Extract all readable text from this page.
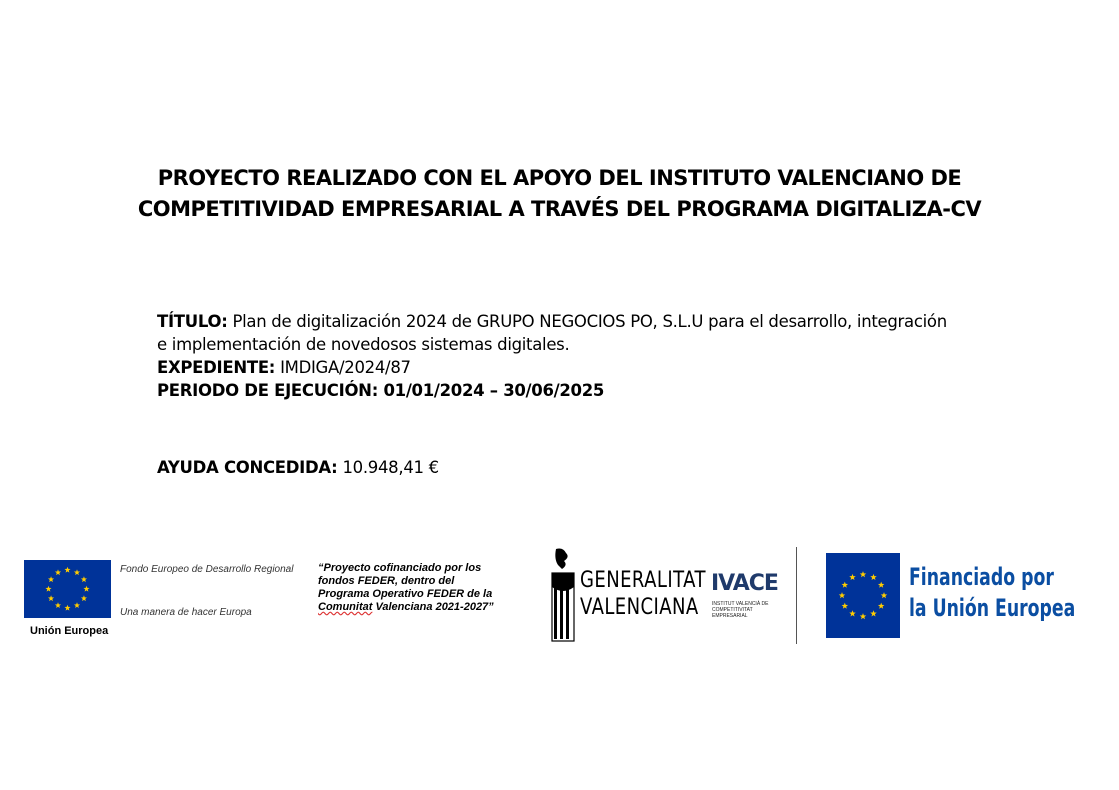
PROYECTO REALIZADO CON EL APOYO DEL INSTITUTO VALENCIANO DE
COMPETITIVIDAD EMPRESARIAL A TRAVÉS DEL PROGRAMA DIGITALIZA-CV
TÍTULO: Plan de digitalización 2024 de GRUPO NEGOCIOS PO, S.L.U para el desarrollo, integración
e implementación de novedosos sistemas digitales.
EXPEDIENTE: IMDIGA/2024/87
PERIODO DE EJECUCIÓN: 01/01/2024 – 30/06/2025
AYUDA CONCEDIDA: 10.948,41 €
Unión Europea
Fondo Europeo de Desarrollo Regional
Una manera de hacer Europa
“Proyecto cofinanciado por los
fondos FEDER, dentro del
Programa Operativo FEDER de la
Comunitat Valenciana 2021-2027”
GENERALITAT
VALENCIANA
IVACE
INSTITUT VALENCIÀ DE COMPETITIVITAT EMPRESARIAL
Financiado por
la Unión Europea
